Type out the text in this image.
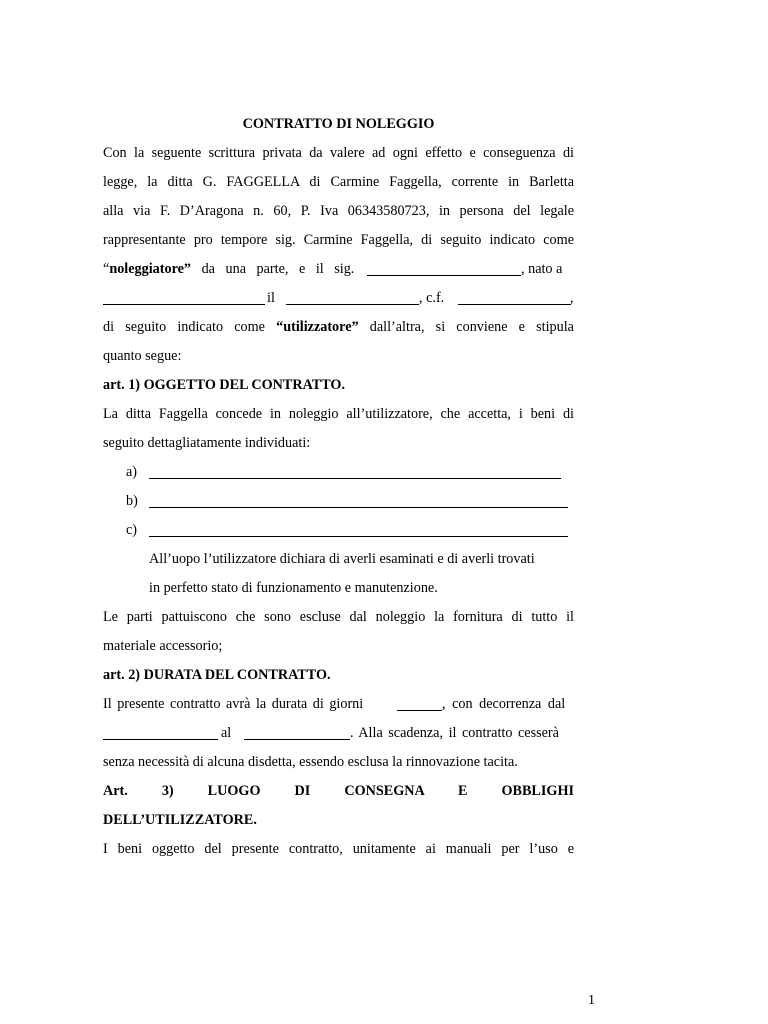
CONTRATTO DI NOLEGGIO
Con la seguente scrittura privata da valere ad ogni effetto e conseguenza di
legge, la ditta G. FAGGELLA di Carmine Faggella, corrente in Barletta
alla via F. D’Aragona n. 60, P. Iva 06343580723, in persona del legale
rappresentante pro tempore sig. Carmine Faggella, di seguito indicato come
“noleggiatore” da una parte, e il sig.	, nato a
il	, c.f.	,
di seguito indicato come “utilizzatore” dall’altra, si conviene e stipula
quanto segue:
art. 1) OGGETTO DEL CONTRATTO.
La ditta Faggella concede in noleggio all’utilizzatore, che accetta, i beni di
seguito dettagliatamente individuati:
a)
b)
c)
All’uopo l’utilizzatore dichiara di averli esaminati e di averli trovati
in perfetto stato di funzionamento e manutenzione.
Le parti pattuiscono che sono escluse dal noleggio la fornitura di tutto il
materiale accessorio;
art. 2) DURATA DEL CONTRATTO.
Il presente contratto avrà la durata di giorni	, con decorrenza dal
al	. Alla scadenza, il contratto cesserà
senza necessità di alcuna disdetta, essendo esclusa la rinnovazione tacita.
Art. 3) LUOGO DI CONSEGNA E OBBLIGHI
DELL’UTILIZZATORE.
I beni oggetto del presente contratto, unitamente ai manuali per l’uso e
1
